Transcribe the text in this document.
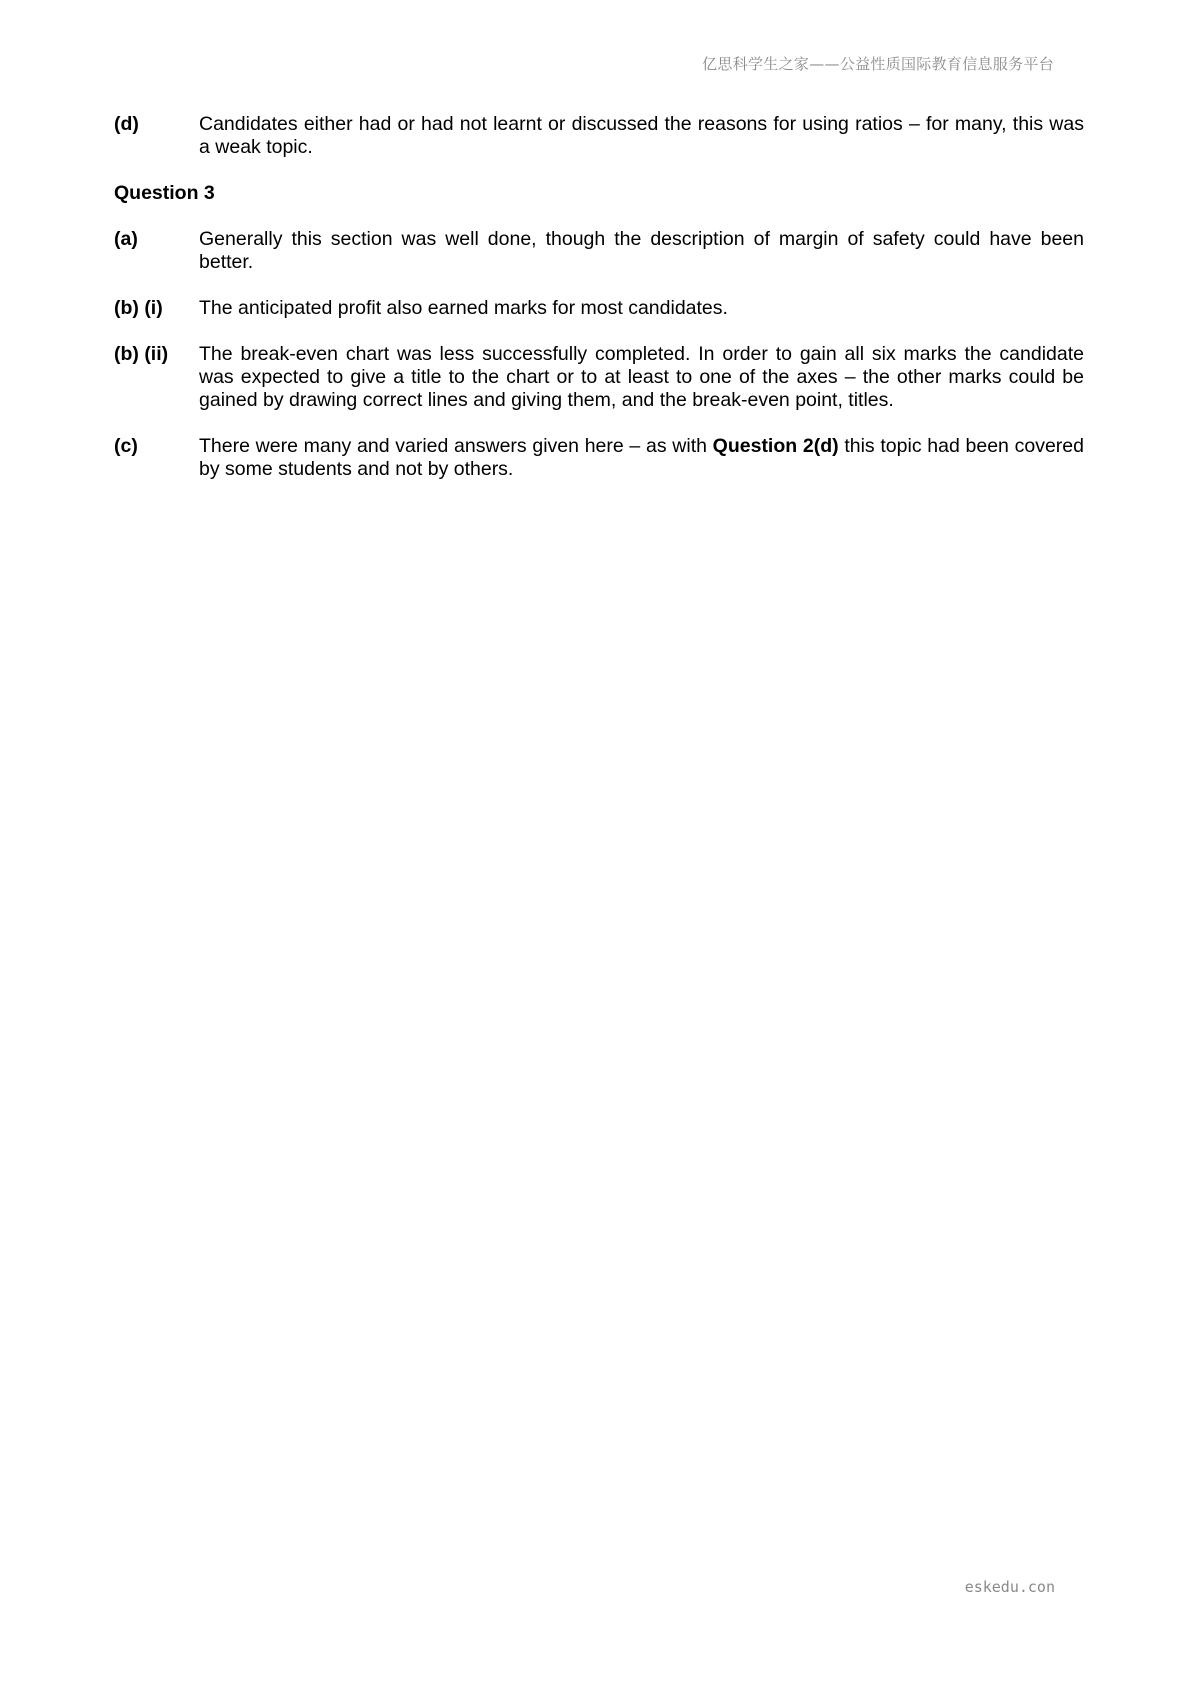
亿思科学生之家——公益性质国际教育信息服务平台
(d)	Candidates either had or had not learnt or discussed the reasons for using ratios – for many, this was a weak topic.
Question 3
(a)	Generally this section was well done, though the description of margin of safety could have been better.
(b) (i)	The anticipated profit also earned marks for most candidates.
(b) (ii)	The break-even chart was less successfully completed. In order to gain all six marks the candidate was expected to give a title to the chart or to at least to one of the axes – the other marks could be gained by drawing correct lines and giving them, and the break-even point, titles.
(c)	There were many and varied answers given here – as with Question 2(d) this topic had been covered by some students and not by others.
eskedu.con
